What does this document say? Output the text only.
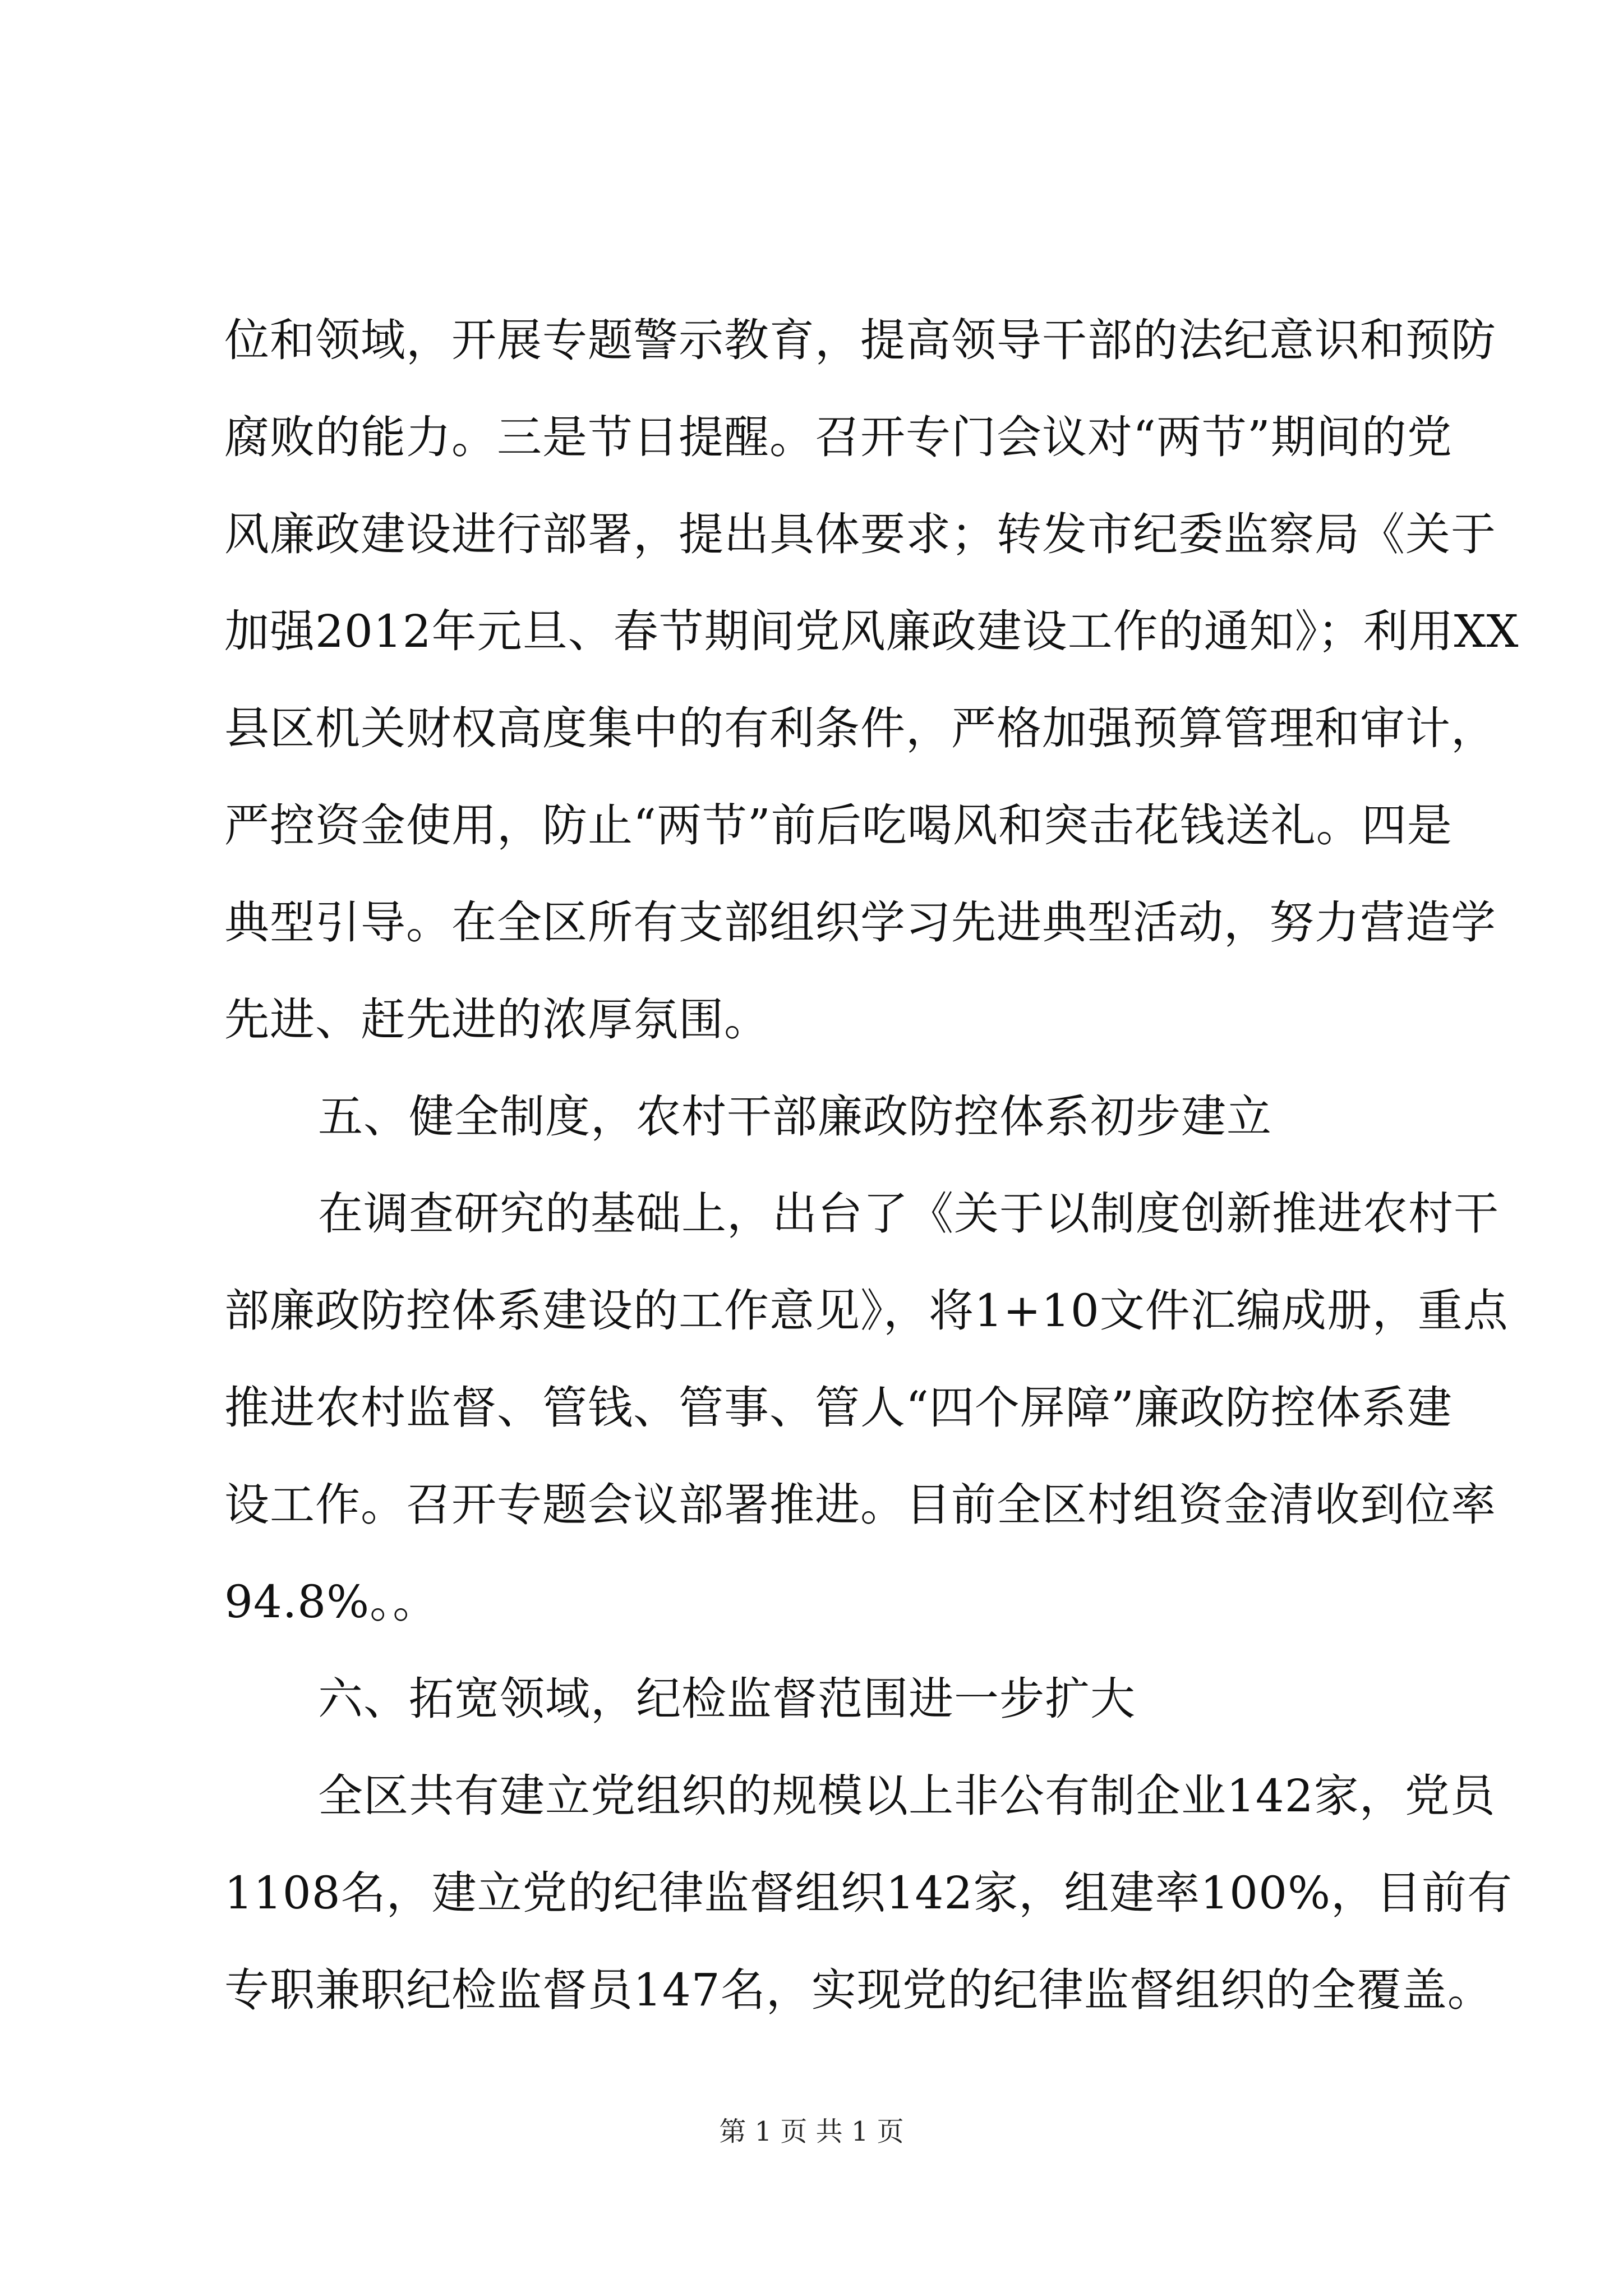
位和领域，开展专题警示教育，提高领导干部的法纪意识和预防
腐败的能力。三是节日提醒。召开专门会议对“两节”期间的党
风廉政建设进行部署，提出具体要求；转发市纪委监察局《关于
加强2012年元旦、春节期间党风廉政建设工作的通知》；利用XX
县区机关财权高度集中的有利条件，严格加强预算管理和审计，
严控资金使用，防止“两节”前后吃喝风和突击花钱送礼。四是
典型引导。在全区所有支部组织学习先进典型活动，努力营造学
先进、赶先进的浓厚氛围。
五、健全制度，农村干部廉政防控体系初步建立
在调查研究的基础上，出台了《关于以制度创新推进农村干
部廉政防控体系建设的工作意见》，将1+10文件汇编成册，重点
推进农村监督、管钱、管事、管人“四个屏障”廉政防控体系建
设工作。召开专题会议部署推进。目前全区村组资金清收到位率
94.8%。。
六、拓宽领域，纪检监督范围进一步扩大
全区共有建立党组织的规模以上非公有制企业142家，党员
1108名，建立党的纪律监督组织142家，组建率100%，目前有
专职兼职纪检监督员147名，实现党的纪律监督组织的全覆盖。
第 1 页 共 1 页
